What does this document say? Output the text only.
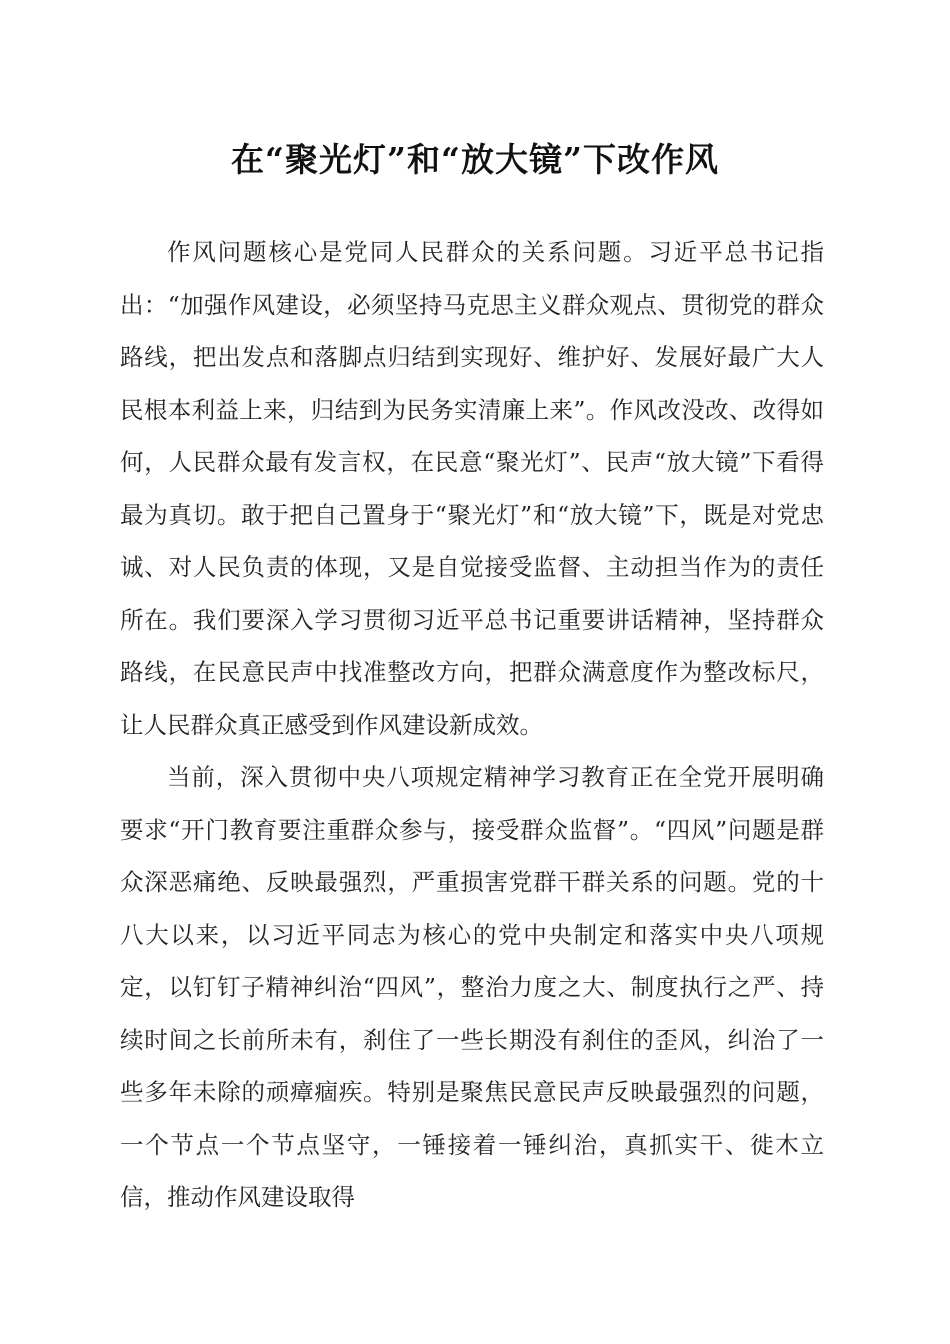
在“聚光灯”和“放大镜”下改作风

作风问题核心是党同人民群众的关系问题。习近平总书记指出：“加强作风建设，必须坚持马克思主义群众观点、贯彻党的群众路线，把出发点和落脚点归结到实现好、维护好、发展好最广大人民根本利益上来，归结到为民务实清廉上来”。作风改没改、改得如何，人民群众最有发言权，在民意“聚光灯”、民声“放大镜”下看得最为真切。敢于把自己置身于“聚光灯”和“放大镜”下，既是对党忠诚、对人民负责的体现，又是自觉接受监督、主动担当作为的责任所在。我们要深入学习贯彻习近平总书记重要讲话精神，坚持群众路线，在民意民声中找准整改方向，把群众满意度作为整改标尺，让人民群众真正感受到作风建设新成效。

当前，深入贯彻中央八项规定精神学习教育正在全党开展明确要求“开门教育要注重群众参与，接受群众监督”。“四风”问题是群众深恶痛绝、反映最强烈，严重损害党群干群关系的问题。党的十八大以来，以习近平同志为核心的党中央制定和落实中央八项规定，以钉钉子精神纠治“四风”，整治力度之大、制度执行之严、持续时间之长前所未有，刹住了一些长期没有刹住的歪风，纠治了一些多年未除的顽瘴痼疾。特别是聚焦民意民声反映最强烈的问题，一个节点一个节点坚守，一锤接着一锤纠治，真抓实干、徙木立信，推动作风建设取得
